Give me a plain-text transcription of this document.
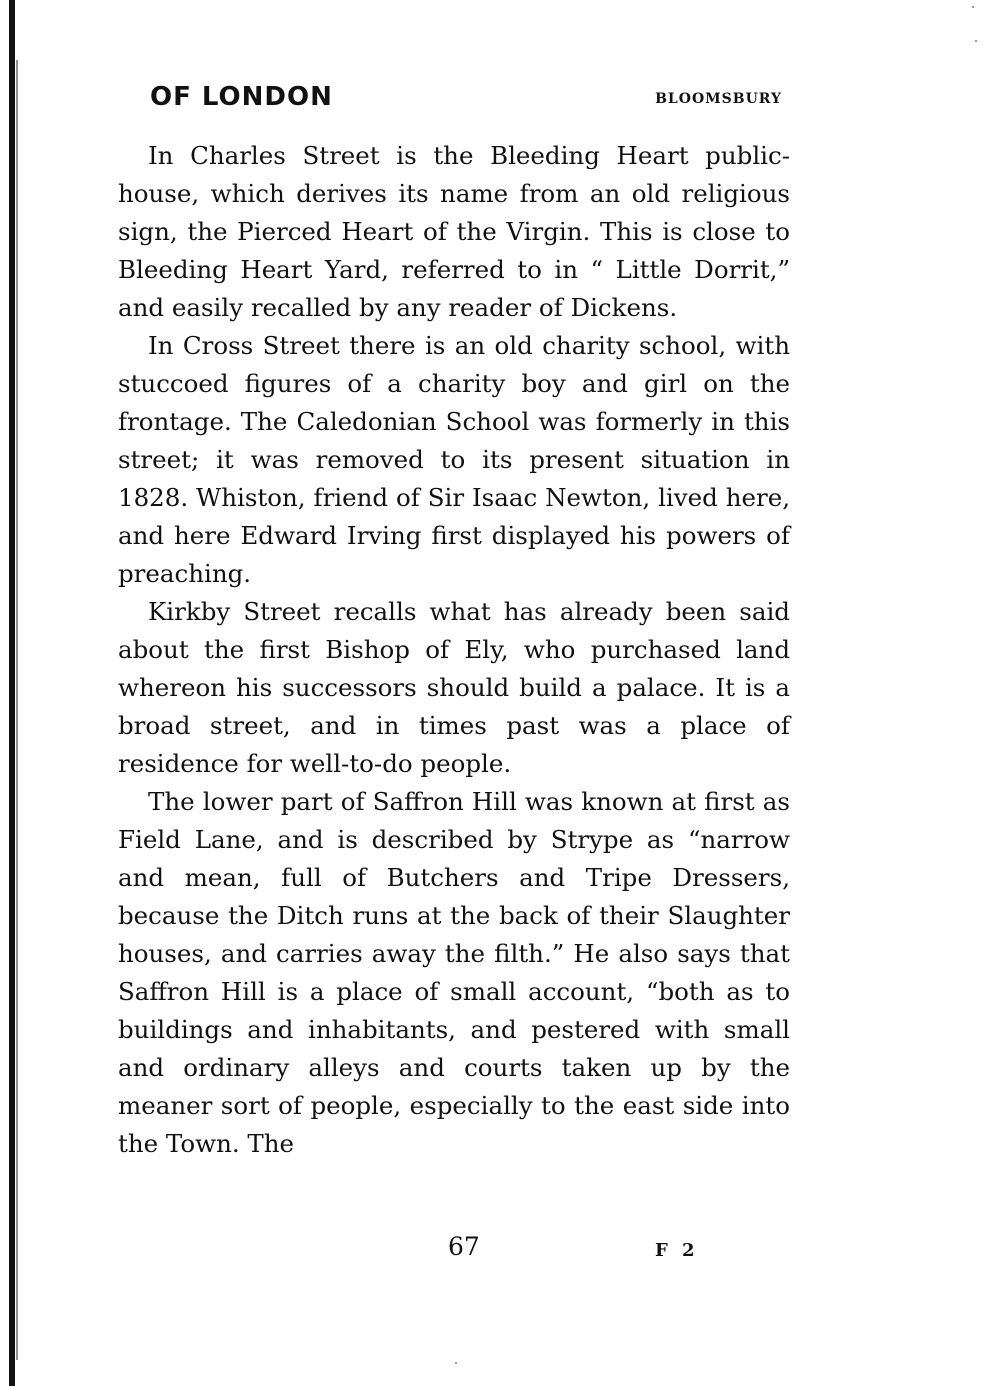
OF LONDON	BLOOMSBURY

In Charles Street is the Bleeding Heart public-house, which derives its name from an old religious sign, the Pierced Heart of the Virgin. This is close to Bleeding Heart Yard, referred to in “ Little Dorrit,” and easily recalled by any reader of Dickens.

In Cross Street there is an old charity school, with stuccoed figures of a charity boy and girl on the frontage. The Caledonian School was formerly in this street; it was removed to its present situation in 1828. Whiston, friend of Sir Isaac Newton, lived here, and here Edward Irving first displayed his powers of preaching.

Kirkby Street recalls what has already been said about the first Bishop of Ely, who purchased land whereon his successors should build a palace. It is a broad street, and in times past was a place of residence for well-to-do people.

The lower part of Saffron Hill was known at first as Field Lane, and is described by Strype as “narrow and mean, full of Butchers and Tripe Dressers, because the Ditch runs at the back of their Slaughter houses, and carries away the filth.” He also says that Saffron Hill is a place of small account, “both as to buildings and inhabitants, and pestered with small and ordinary alleys and courts taken up by the meaner sort of people, especially to the east side into the Town. The

67	F 2
